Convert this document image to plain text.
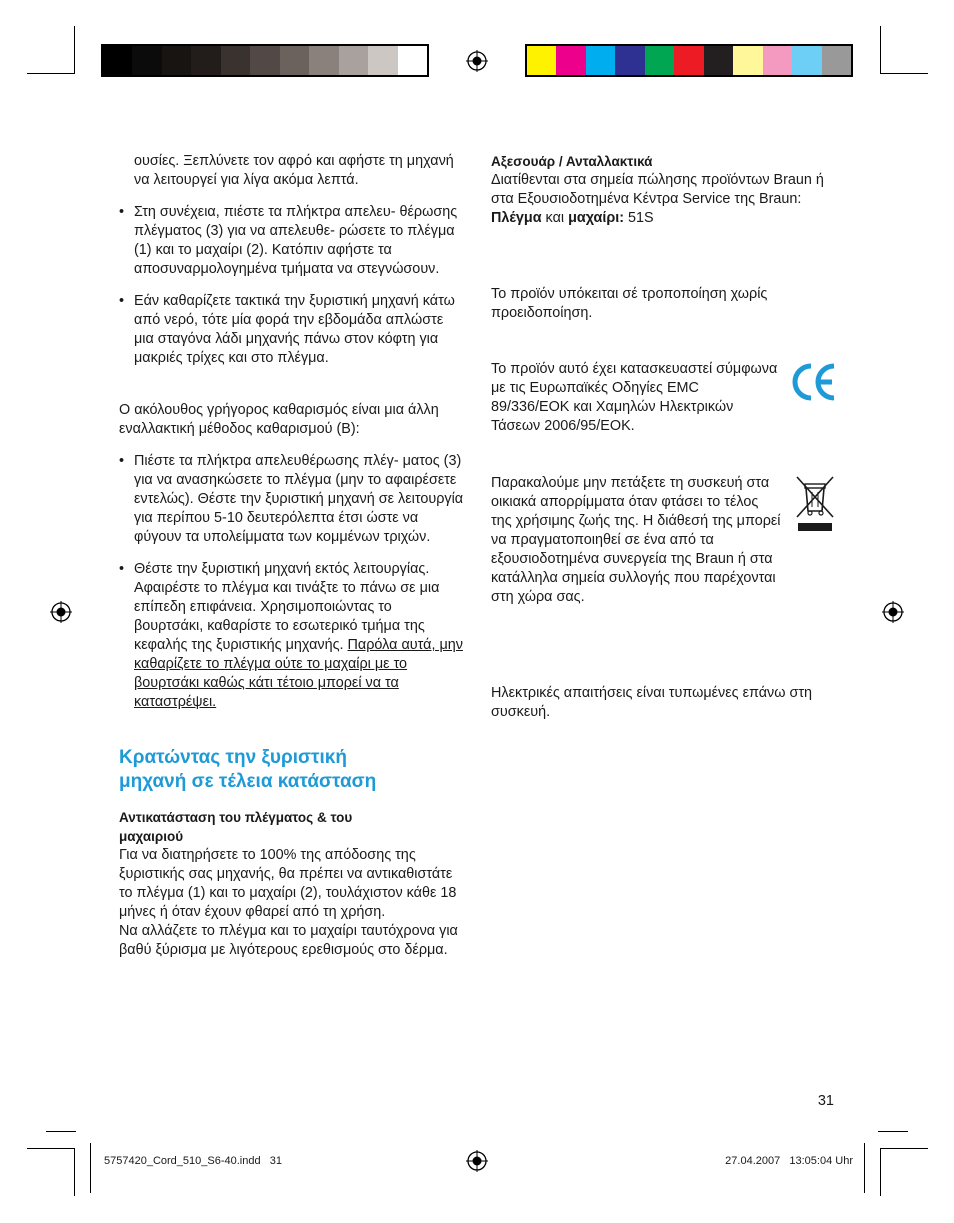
ουσίες. Ξεπλύνετε τον αφρό και αφήστε τη μηχανή να λειτουργεί για λίγα ακόμα λεπτά.

• Στη συνέχεια, πιέστε τα πλήκτρα απελευ- θέρωσης πλέγματος (3) για να απελευθε- ρώσετε το πλέγμα (1) και το μαχαίρι (2). Κατόπιν αφήστε τα αποσυναρμολογημένα τμήματα να στεγνώσουν.

• Εάν καθαρίζετε τακτικά την ξυριστική μηχανή κάτω από νερό, τότε μία φορά την εβδομάδα απλώστε μια σταγόνα λάδι μηχανής πάνω στον κόφτη για μακριές τρίχες και στο πλέγμα.

Ο ακόλουθος γρήγορος καθαρισμός είναι μια άλλη εναλλακτική μέθοδος καθαρισμού (B):

• Πιέστε τα πλήκτρα απελευθέρωσης πλέγ- ματος (3) για να ανασηκώσετε το πλέγμα (μην το αφαιρέσετε εντελώς). Θέστε την ξυριστική μηχανή σε λειτουργία για περίπου 5-10 δευτερόλεπτα έτσι ώστε να φύγουν τα υπολείμματα των κομμένων τριχών.

• Θέστε την ξυριστική μηχανή εκτός λειτουργίας. Αφαιρέστε το πλέγμα και τινάξτε το πάνω σε μια επίπεδη επιφάνεια. Χρησιμοποιώντας το βουρτσάκι, καθαρίστε το εσωτερικό τμήμα της κεφαλής της ξυριστικής μηχανής. Παρόλα αυτά, μην καθαρίζετε το πλέγμα ούτε το μαχαίρι με το βουρτσάκι καθώς κάτι τέτοιο μπορεί να τα καταστρέψει.

Κρατώντας την ξυριστική μηχανή σε τέλεια κατάσταση
Αντικατάσταση του πλέγματος & του μαχαιριού

Για να διατηρήσετε το 100% της απόδοσης της ξυριστικής σας μηχανής, θα πρέπει να αντικαθιστάτε το πλέγμα (1) και το μαχαίρι (2), τουλάχιστον κάθε 18 μήνες ή όταν έχουν φθαρεί από τη χρήση.

Να αλλάζετε το πλέγμα και το μαχαίρι ταυτόχρονα για βαθύ ξύρισμα με λιγότερους ερεθισμούς στο δέρμα.

Αξεσουάρ / Ανταλλακτικά

Διατίθενται στα σημεία πώλησης προϊόντων Braun ή στα Εξουσιοδοτημένα Κέντρα Service της Braun:

Πλέγμα και μαχαίρι: 51S

Το προϊόν υπόκειται σέ τροποποίηση χωρίς προειδοποίηση.

Το προϊόν αυτό έχει κατασκευαστεί σύμφωνα με τις Ευρωπαϊκές Οδηγίες EMC 89/336/EOK και Χαμηλών Ηλεκτρικών Τάσεων 2006/95/EOK.

Παρακαλούμε μην πετάξετε τη συσκευή στα οικιακά απορρίμματα όταν φτάσει το τέλος της χρήσιμης ζωής της. Η διάθεσή της μπορεί να πραγματοποιηθεί σε ένα από τα εξουσιοδοτημένα συνεργεία της Braun ή στα κατάλληλα σημεία συλλογής που παρέχονται στη χώρα σας.

Ηλεκτρικές απαιτήσεις είναι τυπωμένες επάνω στη συσκευή.

31
5757420_Cord_510_S6-40.indd   31	27.04.2007   13:05:04 Uhr
